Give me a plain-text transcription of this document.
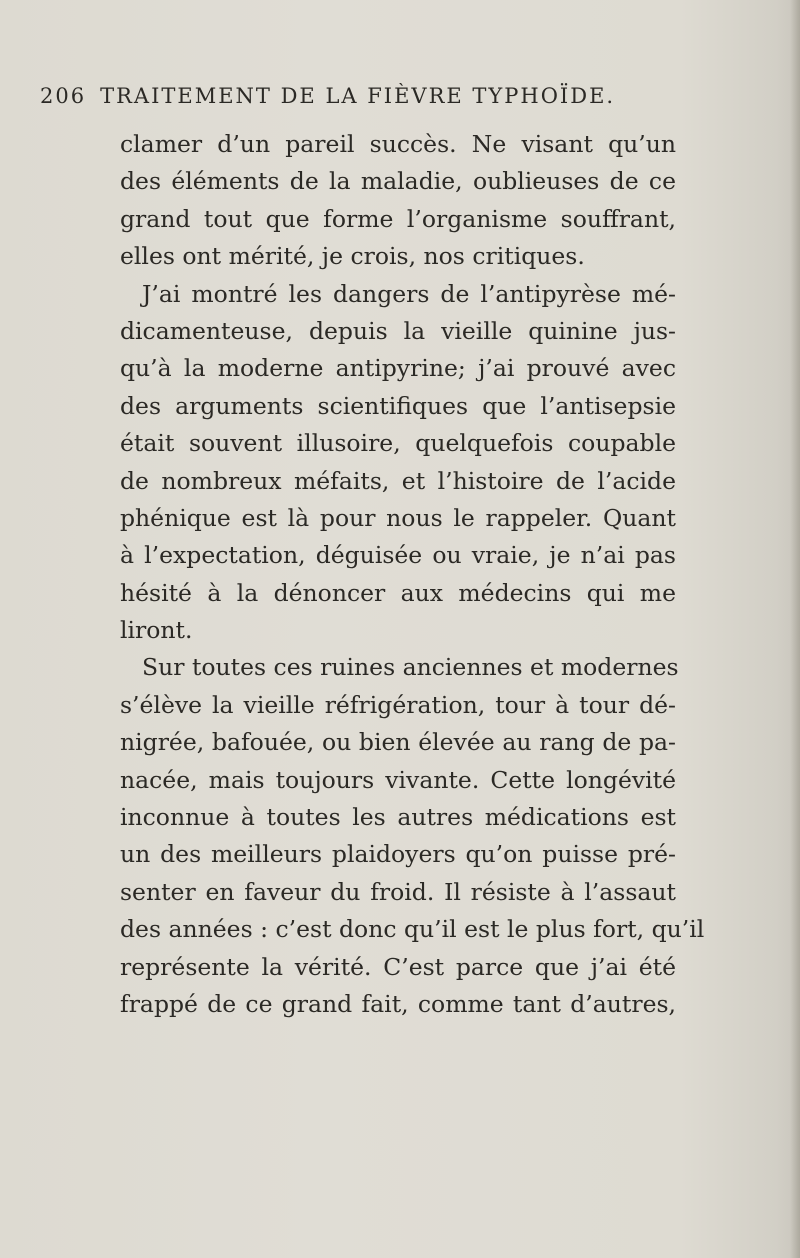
206 TRAITEMENT DE LA FIÈVRE TYPHOÏDE.
clamer d’un pareil succès. Ne visant qu’un
des éléments de la maladie, oublieuses de ce
grand tout que forme l’organisme souffrant,
elles ont mérité, je crois, nos critiques.
J’ai montré les dangers de l’antipyrèse mé-
dicamenteuse, depuis la vieille quinine jus-
qu’à la moderne antipyrine; j’ai prouvé avec
des arguments scientifiques que l’antisepsie
était souvent illusoire, quelquefois coupable
de nombreux méfaits, et l’histoire de l’acide
phénique est là pour nous le rappeler. Quant
à l’expectation, déguisée ou vraie, je n’ai pas
hésité à la dénoncer aux médecins qui me
liront.
Sur toutes ces ruines anciennes et modernes
s’élève la vieille réfrigération, tour à tour dé-
nigrée, bafouée, ou bien élevée au rang de pa-
nacée, mais toujours vivante. Cette longévité
inconnue à toutes les autres médications est
un des meilleurs plaidoyers qu’on puisse pré-
senter en faveur du froid. Il résiste à l’assaut
des années : c’est donc qu’il est le plus fort, qu’il
représente la vérité. C’est parce que j’ai été
frappé de ce grand fait, comme tant d’autres,
